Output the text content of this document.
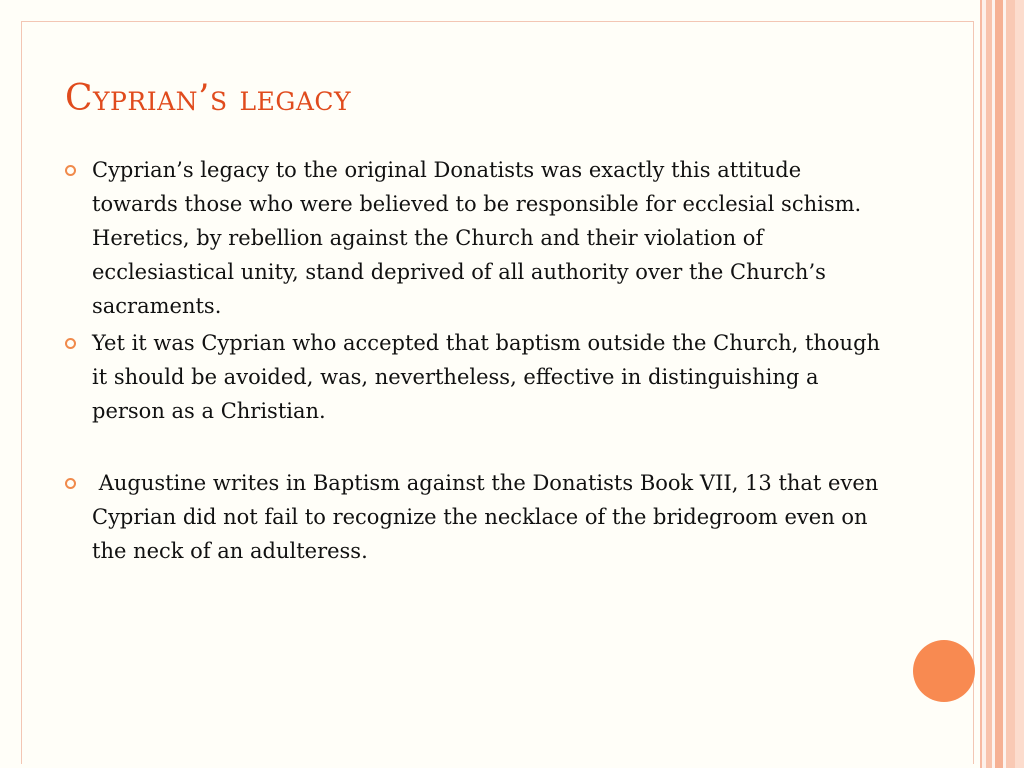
Cyprian’s legacy
Cyprian’s legacy to the original Donatists was exactly this attitude towards those who were believed to be responsible for ecclesial schism. Heretics, by rebellion against the Church and their violation of ecclesiastical unity, stand deprived of all authority over the Church’s sacraments.
Yet it was Cyprian who accepted that baptism outside the Church, though it should be avoided, was, nevertheless, effective in distinguishing a person as a Christian.
Augustine writes in Baptism against the Donatists Book VII, 13 that even Cyprian did not fail to recognize the necklace of the bridegroom even on the neck of an adulteress.
